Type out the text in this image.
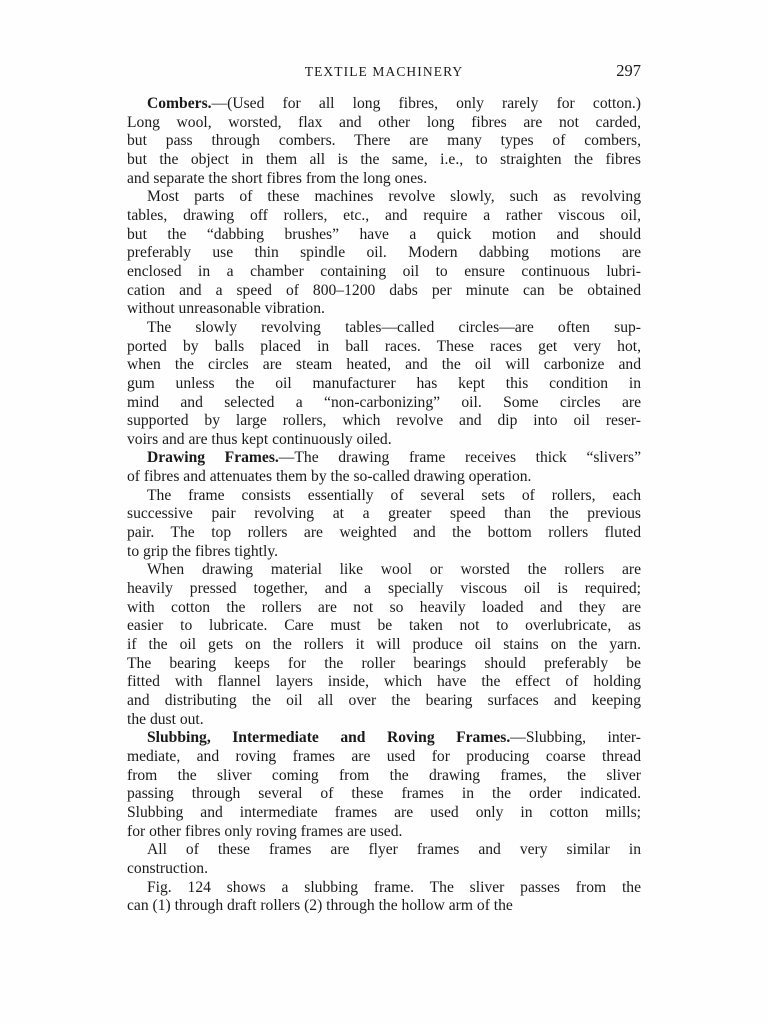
TEXTILE MACHINERY	297
Combers.—(Used for all long fibres, only rarely for cotton.)
Long wool, worsted, flax and other long fibres are not carded,
but pass through combers. There are many types of combers,
but the object in them all is the same, i.e., to straighten the fibres
and separate the short fibres from the long ones.
Most parts of these machines revolve slowly, such as revolving
tables, drawing off rollers, etc., and require a rather viscous oil,
but the “dabbing brushes” have a quick motion and should
preferably use thin spindle oil. Modern dabbing motions are
enclosed in a chamber containing oil to ensure continuous lubri-
cation and a speed of 800–1200 dabs per minute can be obtained
without unreasonable vibration.
The slowly revolving tables—called circles—are often sup-
ported by balls placed in ball races. These races get very hot,
when the circles are steam heated, and the oil will carbonize and
gum unless the oil manufacturer has kept this condition in
mind and selected a “non-carbonizing” oil. Some circles are
supported by large rollers, which revolve and dip into oil reser-
voirs and are thus kept continuously oiled.
Drawing Frames.—The drawing frame receives thick “slivers”
of fibres and attenuates them by the so-called drawing operation.
The frame consists essentially of several sets of rollers, each
successive pair revolving at a greater speed than the previous
pair. The top rollers are weighted and the bottom rollers fluted
to grip the fibres tightly.
When drawing material like wool or worsted the rollers are
heavily pressed together, and a specially viscous oil is required;
with cotton the rollers are not so heavily loaded and they are
easier to lubricate. Care must be taken not to overlubricate, as
if the oil gets on the rollers it will produce oil stains on the yarn.
The bearing keeps for the roller bearings should preferably be
fitted with flannel layers inside, which have the effect of holding
and distributing the oil all over the bearing surfaces and keeping
the dust out.
Slubbing, Intermediate and Roving Frames.—Slubbing, inter-
mediate, and roving frames are used for producing coarse thread
from the sliver coming from the drawing frames, the sliver
passing through several of these frames in the order indicated.
Slubbing and intermediate frames are used only in cotton mills;
for other fibres only roving frames are used.
All of these frames are flyer frames and very similar in
construction.
Fig. 124 shows a slubbing frame. The sliver passes from the
can (1) through draft rollers (2) through the hollow arm of the
